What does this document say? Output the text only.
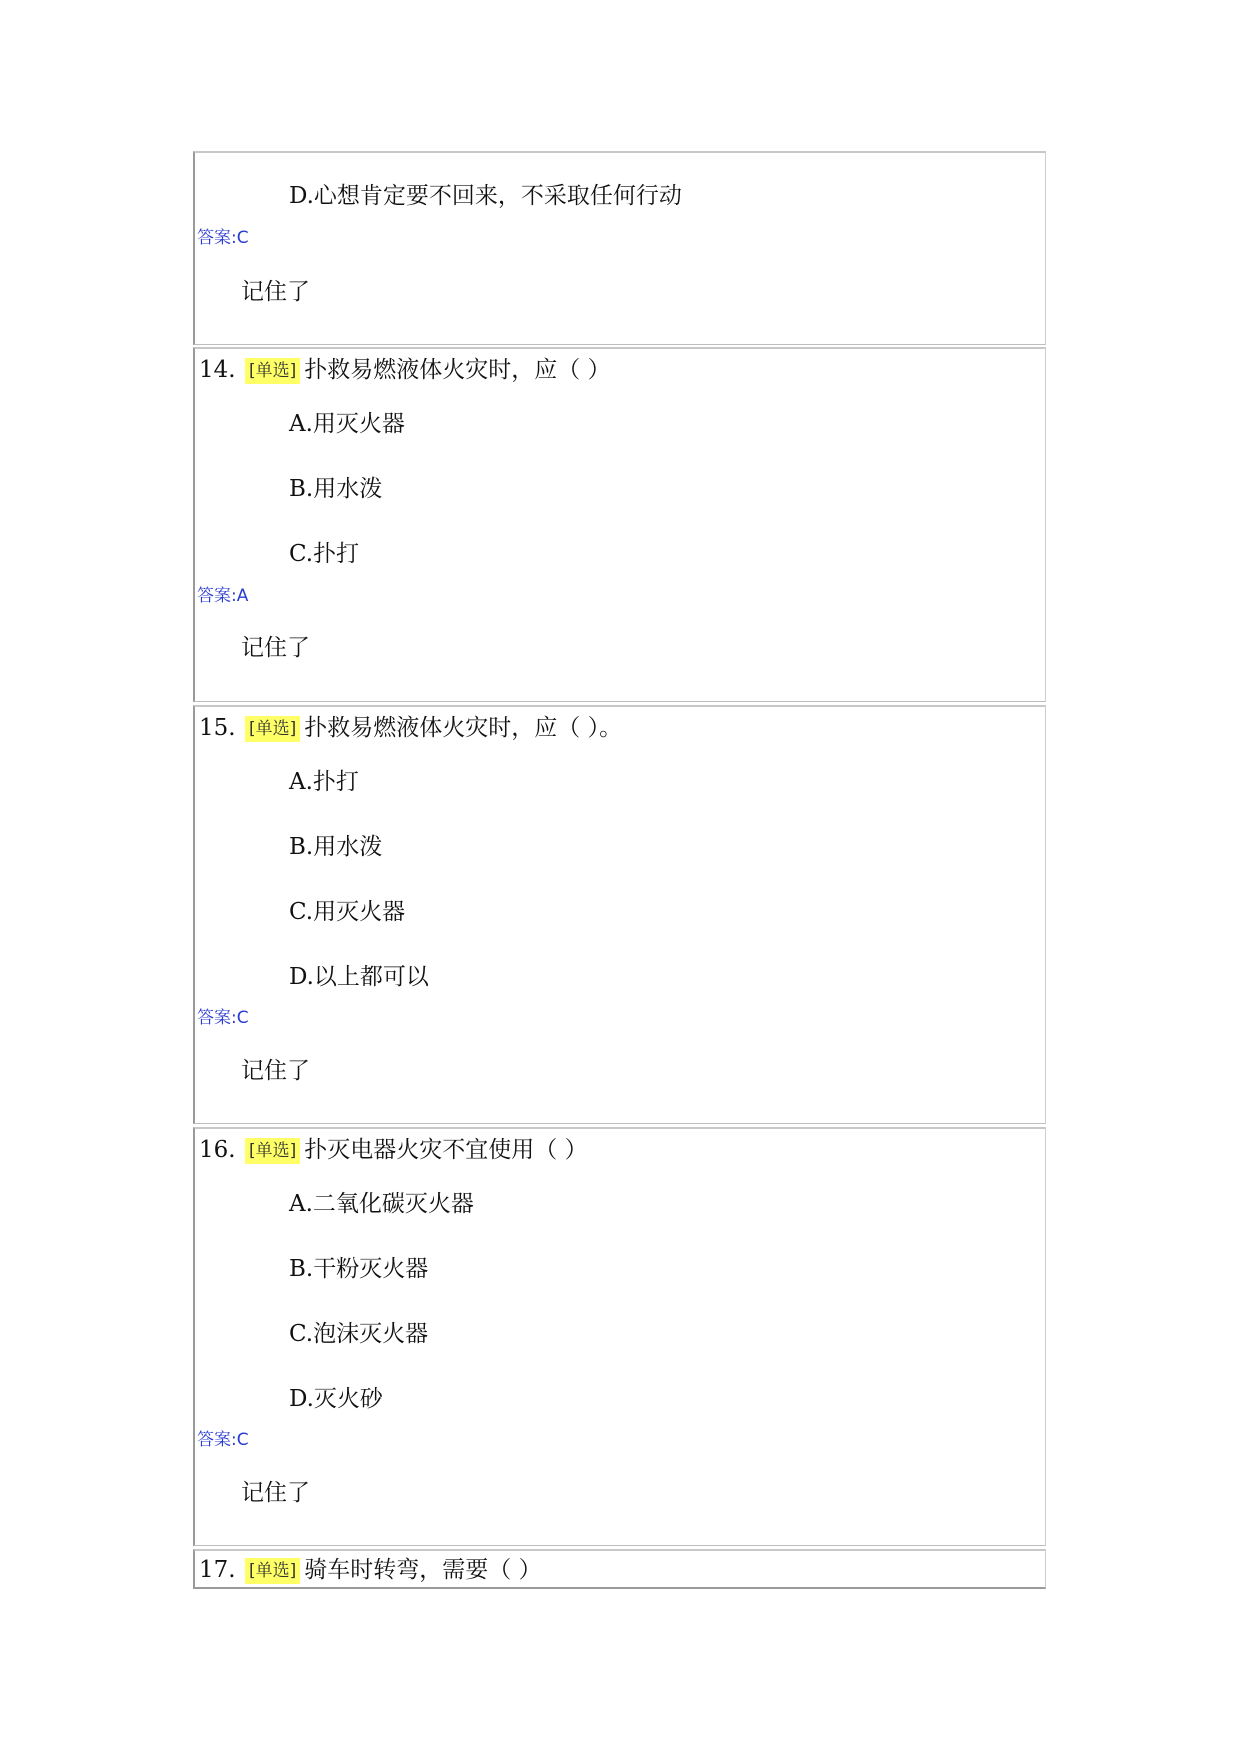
D.心想肯定要不回来，不采取任何行动
答案:C
记住了
14. [单选] 扑救易燃液体火灾时，应（ ）
A.用灭火器
B.用水泼
C.扑打
答案:A
记住了
15. [单选] 扑救易燃液体火灾时，应（ ）。
A.扑打
B.用水泼
C.用灭火器
D.以上都可以
答案:C
记住了
16. [单选] 扑灭电器火灾不宜使用（ ）
A.二氧化碳灭火器
B.干粉灭火器
C.泡沫灭火器
D.灭火砂
答案:C
记住了
17. [单选] 骑车时转弯，需要（ ）
